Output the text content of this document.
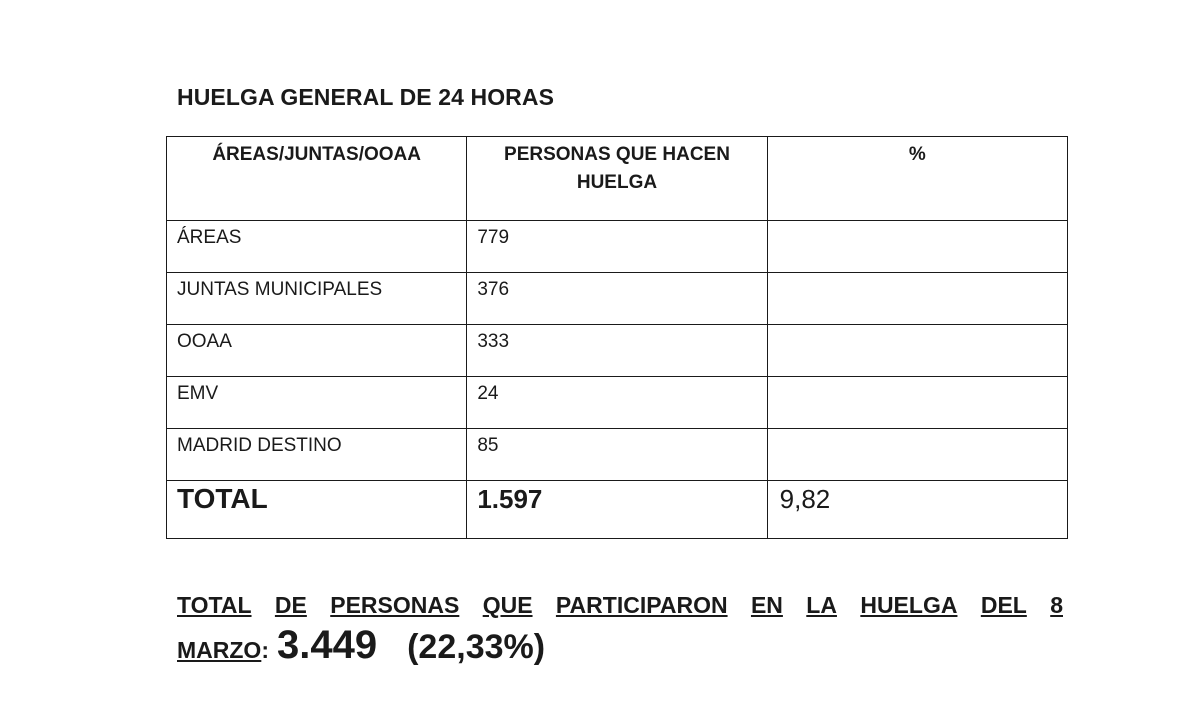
HUELGA GENERAL DE 24 HORAS
ÁREAS/JUNTAS/OOAA	PERSONAS QUE HACEN HUELGA	%
ÁREAS	779	
JUNTAS MUNICIPALES	376	
OOAA	333	
EMV	24	
MADRID DESTINO	85	
TOTAL	1.597	9,82
TOTAL DE PERSONAS QUE PARTICIPARON EN LA HUELGA DEL 8
MARZO: 3.449 (22,33%)
